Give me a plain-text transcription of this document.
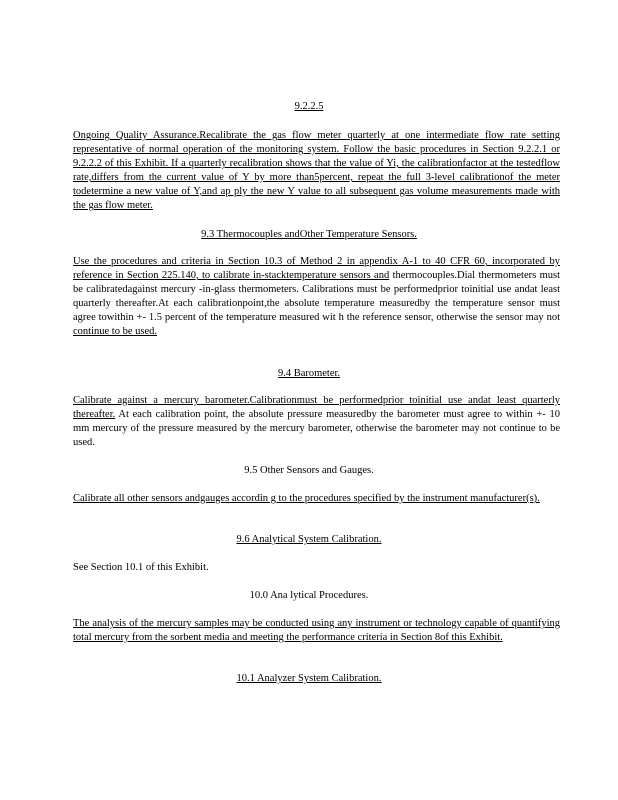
9.2.2.5
Ongoing Quality Assurance.Recalibrate the gas flow meter quarterly at one intermediate flow rate setting representative of normal operation of the monitoring system. Follow the basic procedures in Section 9.2.2.1 or 9.2.2.2 of this Exhibit. If a quarterly recalibration shows that the value of Yi, the calibrationfactor at the testedflow rate,differs from the current value of Y by more than5percent, repeat the full 3-level calibrationof the meter todetermine a new value of Y,and ap ply the new Y value to all subsequent gas volume measurements made with the gas flow meter.
9.3 Thermocouples andOther Temperature Sensors.
Use the procedures and criteria in Section 10.3 of Method 2 in appendix A-1 to 40 CFR 60, incorporated by reference in Section 225.140, to calibrate in-stacktemperature sensors and thermocouples.Dial thermometers must be calibratedagainst mercury -in-glass thermometers. Calibrations must be performedprior toinitial use andat least quarterly thereafter.At each calibrationpoint,the absolute temperature measuredby the temperature sensor must agree towithin +- 1.5 percent of the temperature measured wit h the reference sensor, otherwise the sensor may not continue to be used.
9.4 Barometer.
Calibrate against a mercury barometer.Calibrationmust be performedprior toinitial use andat least quarterly thereafter. At each calibration point, the absolute pressure measuredby the barometer must agree to within +- 10 mm mercury of the pressure measured by the mercury barometer, otherwise the barometer may not continue to be used.
9.5 Other Sensors and Gauges.
Calibrate all other sensors andgauges accordin g to the procedures specified by the instrument manufacturer(s).
9.6 Analytical System Calibration.
See Section 10.1 of this Exhibit.
10.0 Ana lytical Procedures.
The analysis of the mercury samples may be conducted using any instrument or technology capable of quantifying total mercury from the sorbent media and meeting the performance criteria in Section 8of this Exhibit.
10.1 Analyzer System Calibration.
